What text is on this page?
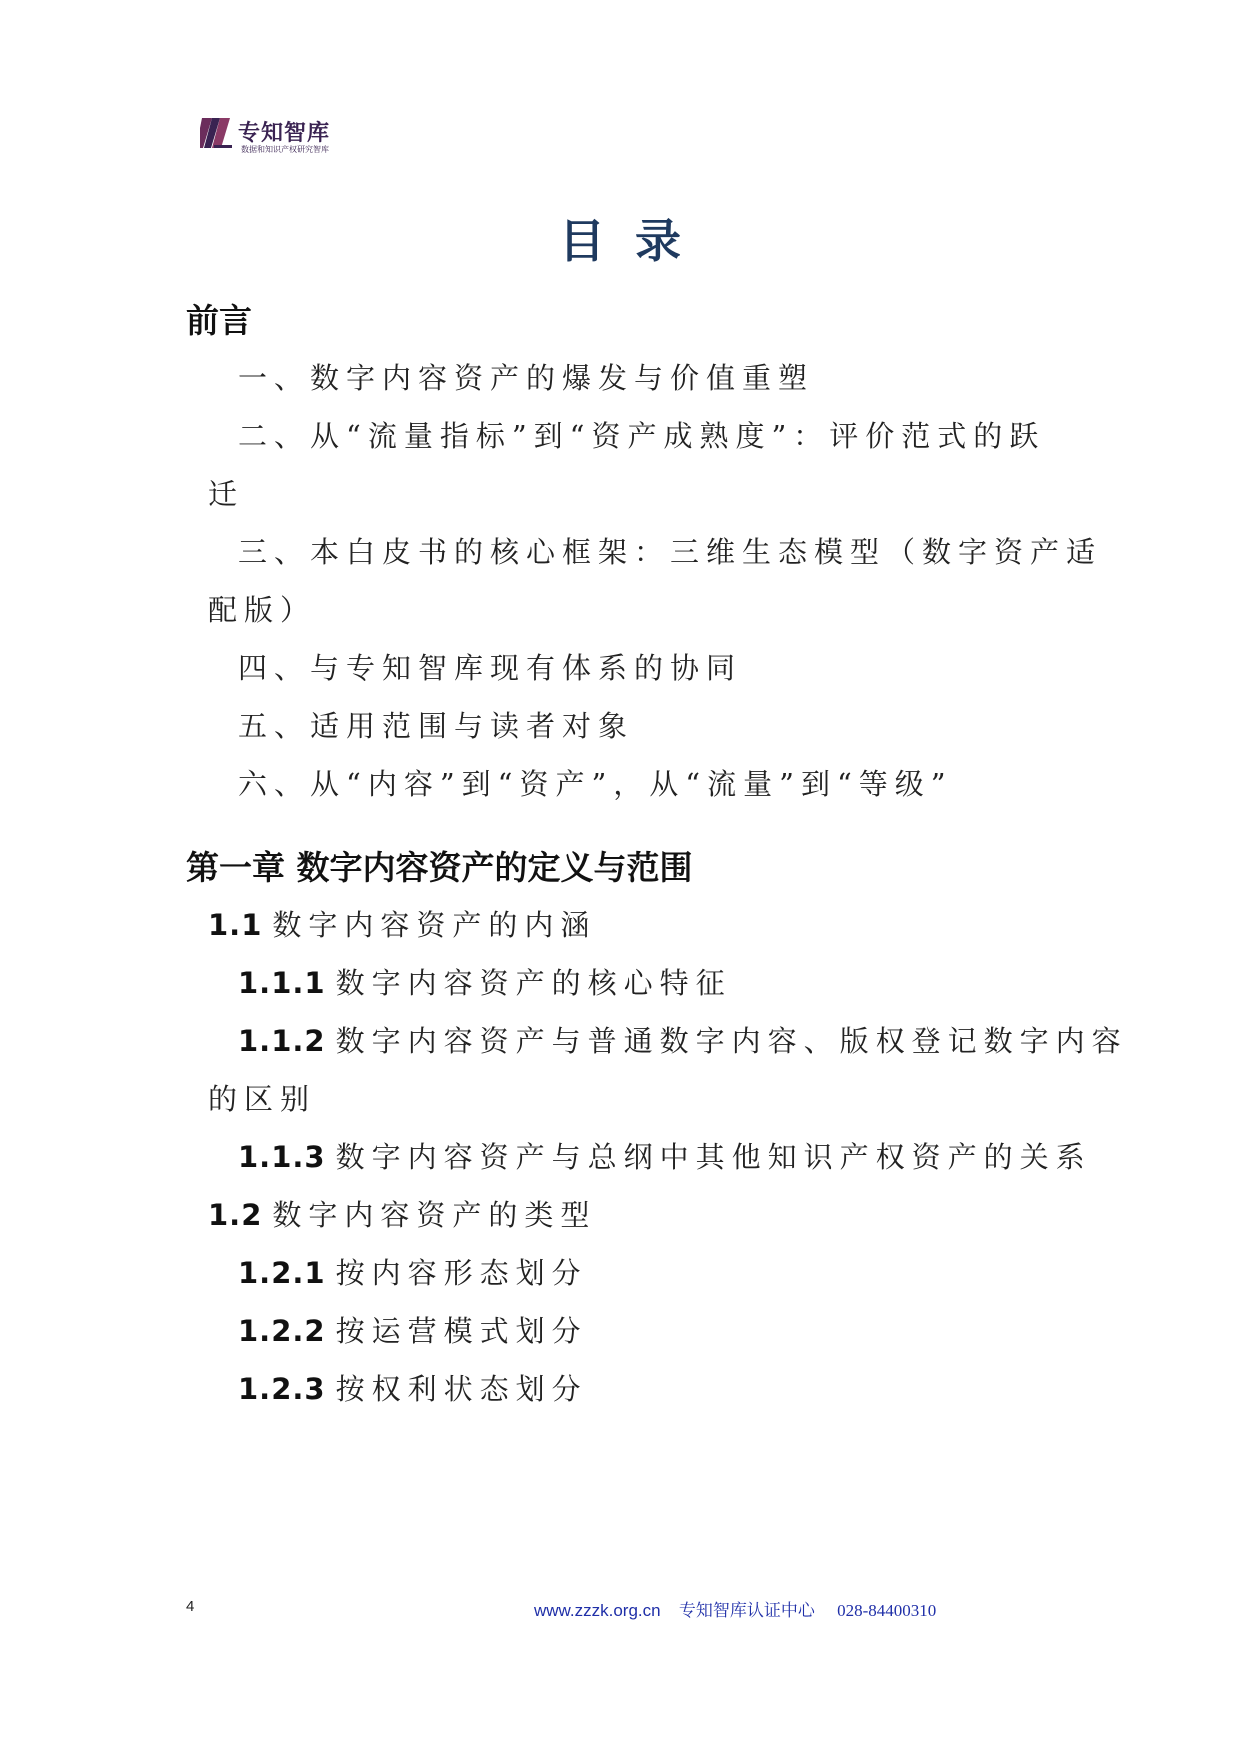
专知智库
数据和知识产权研究智库
目录
前言
一、数字内容资产的爆发与价值重塑
二、从“流量指标”到“资产成熟度”：评价范式的跃
迁
三、本白皮书的核心框架：三维生态模型（数字资产适
配版）
四、与专知智库现有体系的协同
五、适用范围与读者对象
六、从“内容”到“资产”，从“流量”到“等级”
第一章 数字内容资产的定义与范围
1.1 数字内容资产的内涵
1.1.1 数字内容资产的核心特征
1.1.2 数字内容资产与普通数字内容、版权登记数字内容
的区别
1.1.3 数字内容资产与总纲中其他知识产权资产的关系
1.2 数字内容资产的类型
1.2.1 按内容形态划分
1.2.2 按运营模式划分
1.2.3 按权利状态划分
4	www.zzzk.org.cn 专知智库认证中心 028-84400310
